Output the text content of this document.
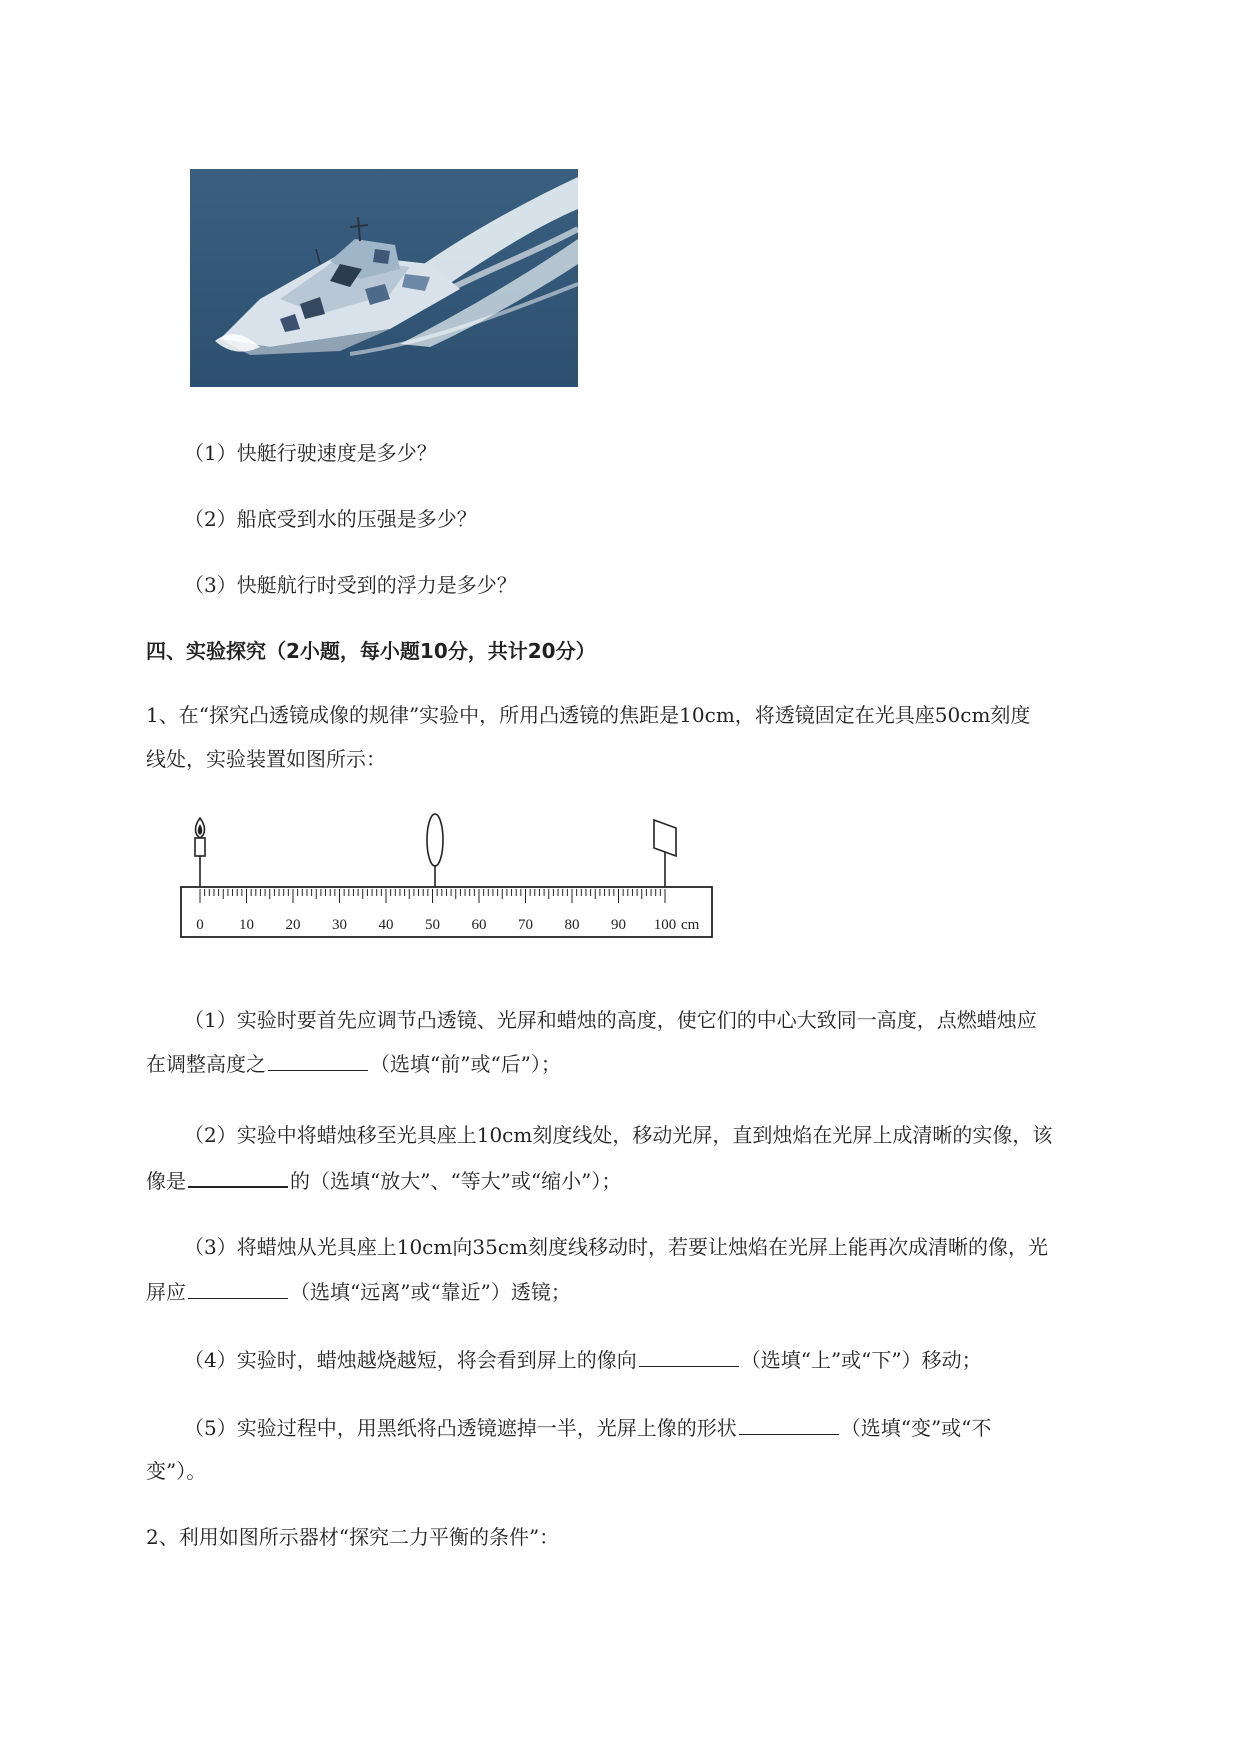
（1）快艇行驶速度是多少？
（2）船底受到水的压强是多少？
（3）快艇航行时受到的浮力是多少？
四、实验探究（2小题，每小题10分，共计20分）
1、在“探究凸透镜成像的规律”实验中，所用凸透镜的焦距是10cm，将透镜固定在光具座50cm刻度
线处，实验装置如图所示：
0 10 20 30 40 50 60 70 80 90 100 cm
（1）实验时要首先应调节凸透镜、光屏和蜡烛的高度，使它们的中心大致同一高度，点燃蜡烛应
在调整高度之	（选填“前”或“后”）；
（2）实验中将蜡烛移至光具座上10cm刻度线处，移动光屏，直到烛焰在光屏上成清晰的实像，该
像是	的（选填“放大”、“等大”或“缩小”）；
（3）将蜡烛从光具座上10cm向35cm刻度线移动时，若要让烛焰在光屏上能再次成清晰的像，光
屏应	（选填“远离”或“靠近”）透镜；
（4）实验时，蜡烛越烧越短，将会看到屏上的像向	（选填“上”或“下”）移动；
（5）实验过程中，用黑纸将凸透镜遮掉一半，光屏上像的形状	（选填“变”或“不
变”）。
2、利用如图所示器材“探究二力平衡的条件”：
